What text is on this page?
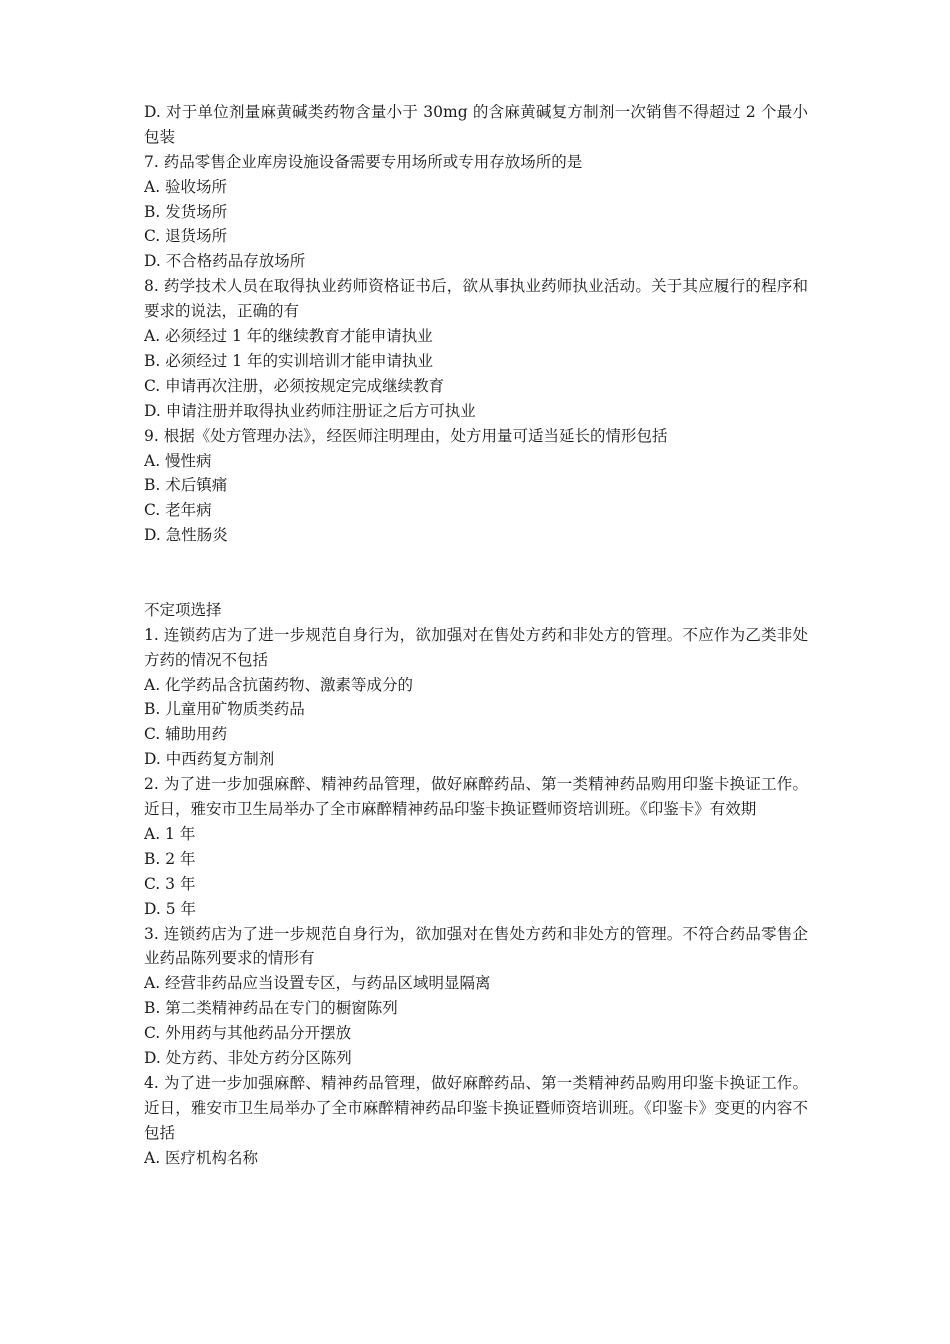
D. 对于单位剂量麻黄碱类药物含量小于 30mg 的含麻黄碱复方制剂一次销售不得超过 2 个最小包装
7. 药品零售企业库房设施设备需要专用场所或专用存放场所的是
A. 验收场所
B. 发货场所
C. 退货场所
D. 不合格药品存放场所
8. 药学技术人员在取得执业药师资格证书后，欲从事执业药师执业活动。关于其应履行的程序和要求的说法，正确的有
A. 必须经过 1 年的继续教育才能申请执业
B. 必须经过 1 年的实训培训才能申请执业
C. 申请再次注册，必须按规定完成继续教育
D. 申请注册并取得执业药师注册证之后方可执业
9. 根据《处方管理办法》，经医师注明理由，处方用量可适当延长的情形包括
A. 慢性病
B. 术后镇痛
C. 老年病
D. 急性肠炎
不定项选择
1. 连锁药店为了进一步规范自身行为，欲加强对在售处方药和非处方的管理。不应作为乙类非处方药的情况不包括
A. 化学药品含抗菌药物、激素等成分的
B. 儿童用矿物质类药品
C. 辅助用药
D. 中西药复方制剂
2. 为了进一步加强麻醉、精神药品管理，做好麻醉药品、第一类精神药品购用印鉴卡换证工作。近日，雅安市卫生局举办了全市麻醉精神药品印鉴卡换证暨师资培训班。《印鉴卡》有效期
A. 1 年
B. 2 年
C. 3 年
D. 5 年
3. 连锁药店为了进一步规范自身行为，欲加强对在售处方药和非处方的管理。不符合药品零售企业药品陈列要求的情形有
A. 经营非药品应当设置专区，与药品区域明显隔离
B. 第二类精神药品在专门的橱窗陈列
C. 外用药与其他药品分开摆放
D. 处方药、非处方药分区陈列
4. 为了进一步加强麻醉、精神药品管理，做好麻醉药品、第一类精神药品购用印鉴卡换证工作。近日，雅安市卫生局举办了全市麻醉精神药品印鉴卡换证暨师资培训班。《印鉴卡》变更的内容不包括
A. 医疗机构名称
